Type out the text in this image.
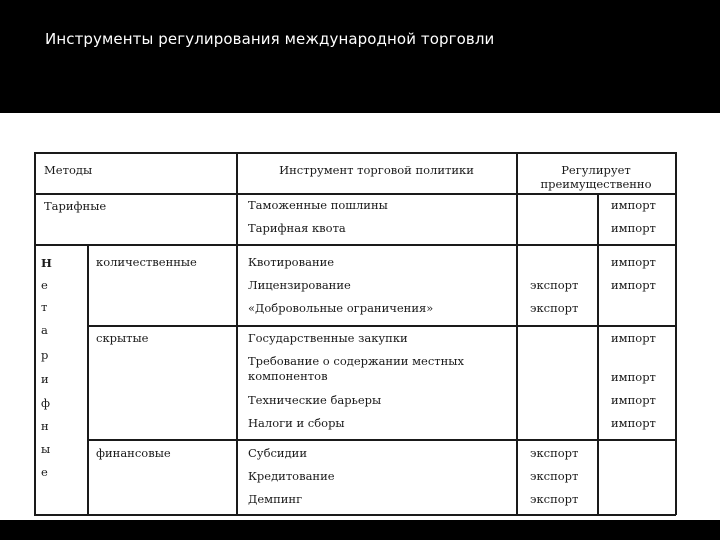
Инструменты регулирования международной торговли
Методы	Инструмент торговой политики	Регулирует
преимущественно
Тарифные	Таможенные пошлины	импорт
Тарифная квота	импорт
Н
е
т
а
р
и
ф
н
ы
е
количественные	Квотирование	импорт
Лицензирование	экспорт	импорт
«Добровольные ограничения»	экспорт
скрытые	Государственные закупки	импорт
Требование о содержании местных
компонентов	импорт
Технические барьеры	импорт
Налоги и сборы	импорт
финансовые	Субсидии	экспорт
Кредитование	экспорт
Демпинг	экспорт
